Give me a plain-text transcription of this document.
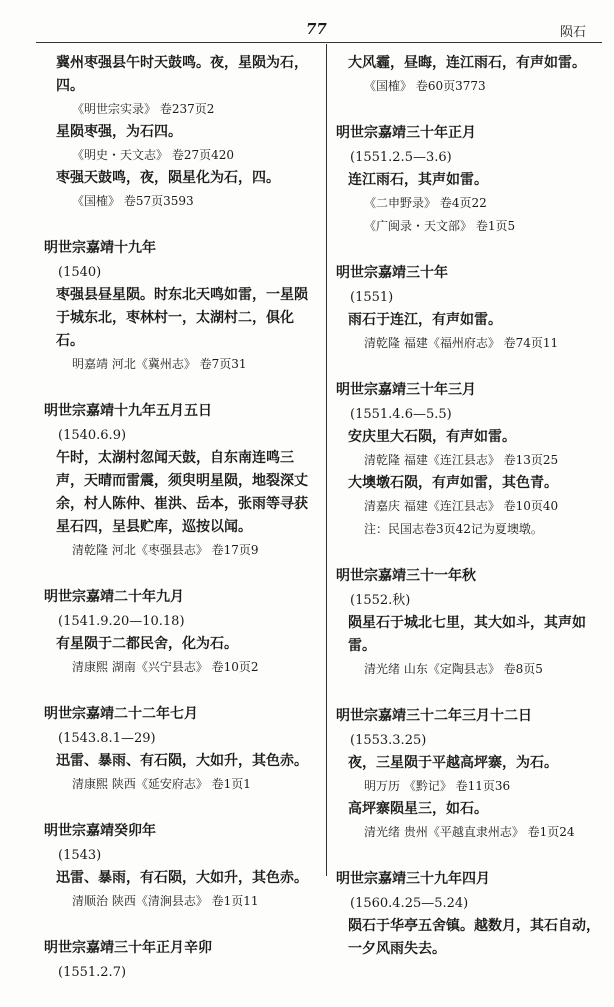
77	陨石
冀州枣强县午时天鼓鸣。夜，星陨为石，四。
《明世宗实录》 卷237页2
星陨枣强，为石四。
《明史・天文志》 卷27页420
枣强天鼓鸣，夜，陨星化为石，四。
《国榷》 卷57页3593
明世宗嘉靖十九年
(1540)
枣强县昼星陨。时东北天鸣如雷，一星陨于城东北，枣林村一，太湖村二，俱化石。
明嘉靖 河北《冀州志》 卷7页31
明世宗嘉靖十九年五月五日
(1540.6.9)
午时，太湖村忽闻天鼓，自东南连鸣三声，天晴而雷震，须臾明星陨，地裂深丈余，村人陈仲、崔洪、岳本，张雨等寻获星石四，呈县贮库，巡按以闻。
清乾隆 河北《枣强县志》 卷17页9
明世宗嘉靖二十年九月
(1541.9.20—10.18)
有星陨于二都民舍，化为石。
清康熙 湖南《兴宁县志》 卷10页2
明世宗嘉靖二十二年七月
(1543.8.1—29)
迅雷、暴雨、有石陨，大如升，其色赤。
清康熙 陕西《延安府志》 卷1页1
明世宗嘉靖癸卯年
(1543)
迅雷、暴雨，有石陨，大如升，其色赤。
清顺治 陕西《清涧县志》 卷1页11
明世宗嘉靖三十年正月辛卯
(1551.2.7)
大风霾，昼晦，连江雨石，有声如雷。
《国榷》 卷60页3773
明世宗嘉靖三十年正月
(1551.2.5—3.6)
连江雨石，其声如雷。
《二申野录》 卷4页22
《广闽录・天文部》 卷1页5
明世宗嘉靖三十年
(1551)
雨石于连江，有声如雷。
清乾隆 福建《福州府志》 卷74页11
明世宗嘉靖三十年三月
(1551.4.6—5.5)
安庆里大石陨，有声如雷。
清乾隆 福建《连江县志》 卷13页25
大墺墩石陨，有声如雷，其色青。
清嘉庆 福建《连江县志》 卷10页40
注：民国志卷3页42记为夏墺墩。
明世宗嘉靖三十一年秋
(1552.秋)
陨星石于城北七里，其大如斗，其声如雷。
清光绪 山东《定陶县志》 卷8页5
明世宗嘉靖三十二年三月十二日
(1553.3.25)
夜，三星陨于平越高坪寨，为石。
明万历 《黔记》 卷11页36
高坪寨陨星三，如石。
清光绪 贵州《平越直隶州志》 卷1页24
明世宗嘉靖三十九年四月
(1560.4.25—5.24)
陨石于华亭五舍镇。越数月，其石自动，一夕风雨失去。
